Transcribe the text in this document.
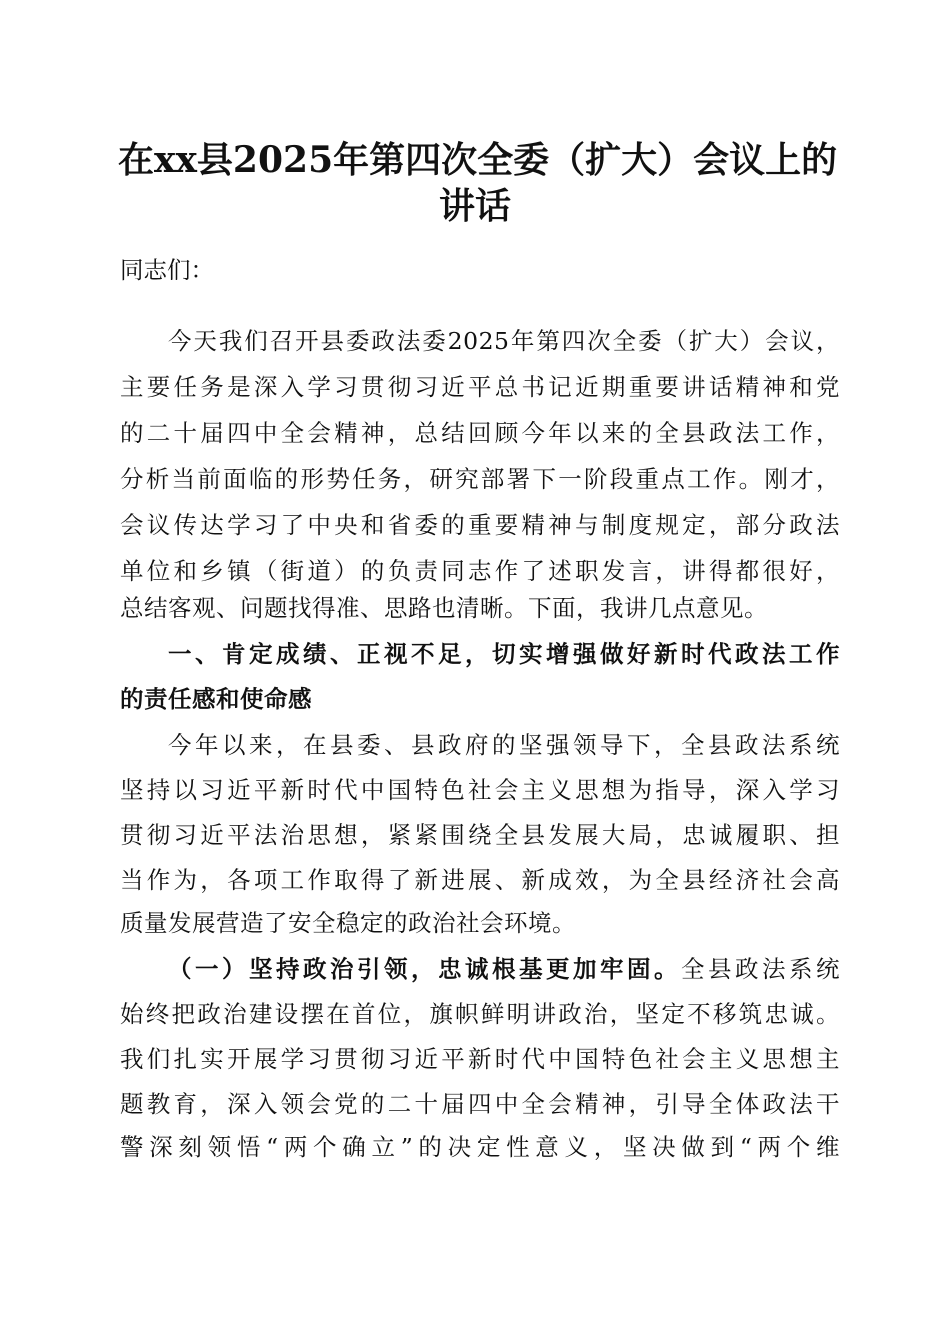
在xx县2025年第四次全委（扩大）会议上的
讲话
同志们：
今天我们召开县委政法委2025年第四次全委（扩大）会议，
主要任务是深入学习贯彻习近平总书记近期重要讲话精神和党
的二十届四中全会精神，总结回顾今年以来的全县政法工作，
分析当前面临的形势任务，研究部署下一阶段重点工作。刚才，
会议传达学习了中央和省委的重要精神与制度规定，部分政法
单位和乡镇（街道）的负责同志作了述职发言，讲得都很好，
总结客观、问题找得准、思路也清晰。下面，我讲几点意见。
一、肯定成绩、正视不足，切实增强做好新时代政法工作
的责任感和使命感
今年以来，在县委、县政府的坚强领导下，全县政法系统
坚持以习近平新时代中国特色社会主义思想为指导，深入学习
贯彻习近平法治思想，紧紧围绕全县发展大局，忠诚履职、担
当作为，各项工作取得了新进展、新成效，为全县经济社会高
质量发展营造了安全稳定的政治社会环境。
（一）坚持政治引领，忠诚根基更加牢固。全县政法系统
始终把政治建设摆在首位，旗帜鲜明讲政治，坚定不移筑忠诚。
我们扎实开展学习贯彻习近平新时代中国特色社会主义思想主
题教育，深入领会党的二十届四中全会精神，引导全体政法干
警深刻领悟“两个确立”的决定性意义，坚决做到“两个维
